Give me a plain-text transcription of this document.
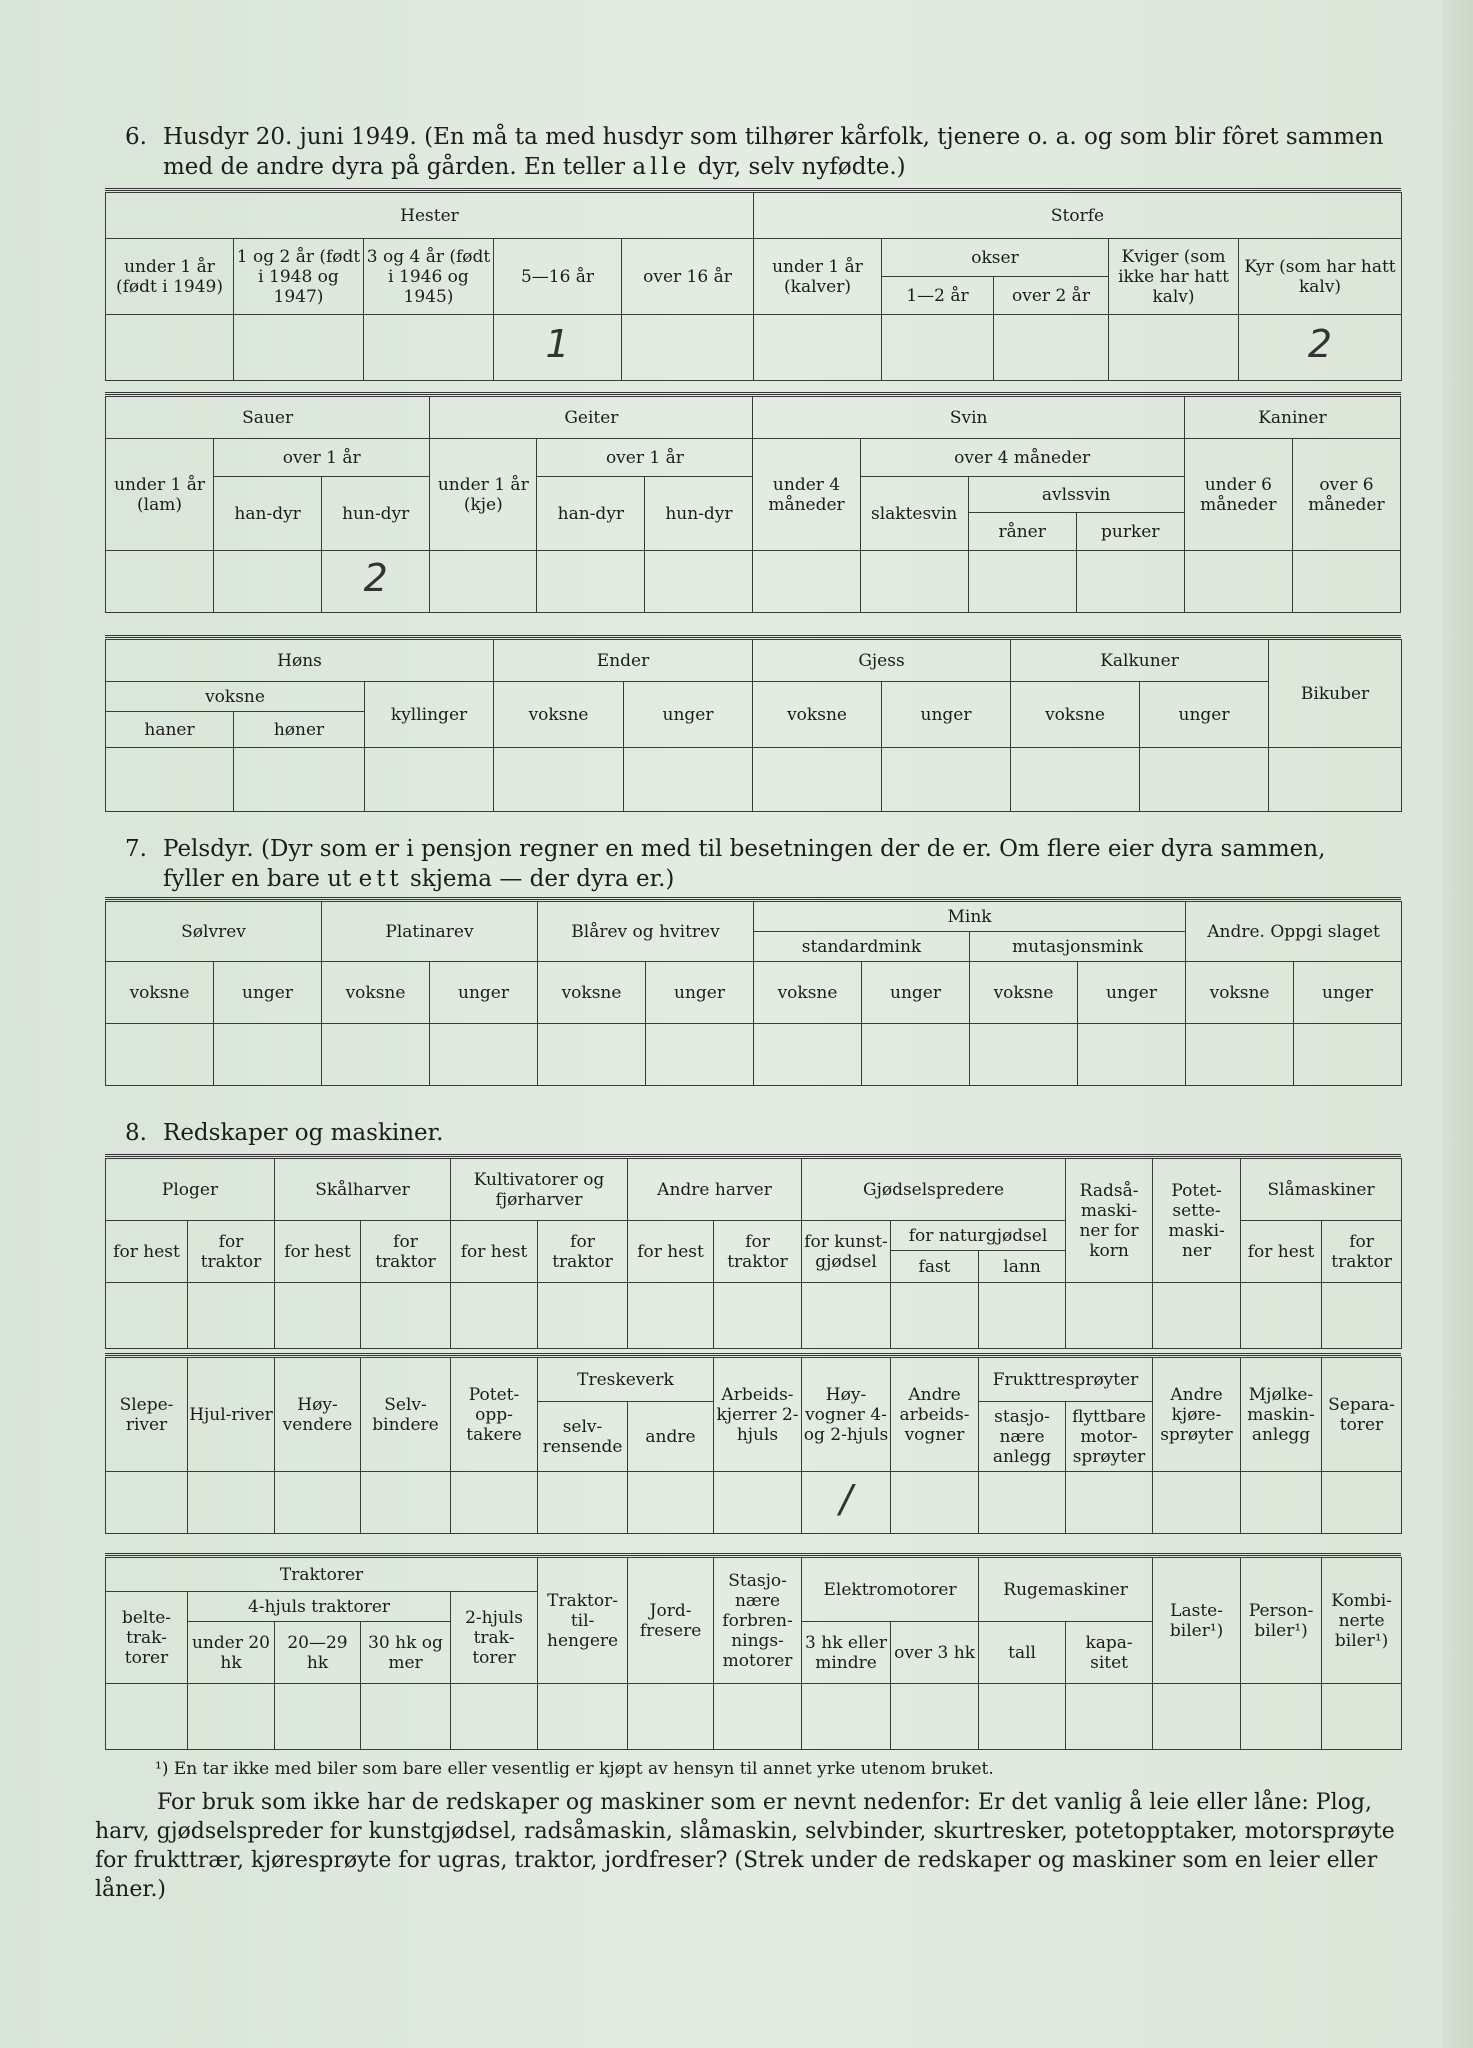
6. Husdyr 20. juni 1949. (En må ta med husdyr som tilhører kårfolk, tjenere o. a. og som blir fôret sammen
med de andre dyra på gården. En teller alle dyr, selv nyfødte.)
Hester					Storfe				
under 1 år (født i 1949)	1 og 2 år (født i 1948 og 1947)	3 og 4 år (født i 1946 og 1945)	5—16 år	over 16 år	under 1 år (kalver)	okser		Kviger (som ikke har hatt kalv)	Kyr (som har hatt kalv)
						1—2 år	over 2 år		
			1						2
Sauer			Geiter			Svin				Kaniner	
under 1 år (lam)	over 1 år		under 1 år (kje)	over 1 år		under 4 måneder	over 4 måneder			under 6 måneder	over 6 måneder
	han-dyr	hun-dyr		han-dyr	hun-dyr		slaktesvin	avlssvin			
								råner	purker		
		2									
Høns			Ender		Gjess		Kalkuner		Bikuber
voksne		kyllinger	voksne	unger	voksne	unger	voksne	unger	
haner	høner								

7. Pelsdyr. (Dyr som er i pensjon regner en med til besetningen der de er. Om flere eier dyra sammen,
fyller en bare ut ett skjema — der dyra er.)
Sølvrev		Platinarev		Blårev og hvitrev		Mink				Andre. Oppgi slaget	
						standardmink		mutasjonsmink			
voksne	unger	voksne	unger	voksne	unger	voksne	unger	voksne	unger	voksne	unger

8. Redskaper og maskiner.
Ploger		Skålharver		Kultivatorer og fjørharver		Andre harver		Gjødselspredere			Radså-maski-ner for korn	Potet-sette-maski-ner	Slåmaskiner	
for hest	for traktor	for hest	for traktor	for hest	for traktor	for hest	for traktor	for kunst-gjødsel	for naturgjødsel				for hest	for traktor
									fast	lann				

Slepe-river	Hjul-river	Høy-vendere	Selv-bindere	Potet-opp-takere	Treskeverk		Arbeids-kjerrer 2-hjuls	Høy-vogner 4- og 2-hjuls	Andre arbeids-vogner	Frukttresprøyter		Andre kjøre-sprøyter	Mjølke-maskin-anlegg	Separa-torer
					selv-rensende	andre				stasjo-nære anlegg	flyttbare motor-sprøyter			
								/						
Traktorer					Traktor-til-hengere	Jord-fresere	Stasjo-nære forbren-nings-motorer	Elektromotorer		Rugemaskiner		Laste-biler¹)	Person-biler¹)	Kombi-nerte biler¹)
belte-trak-torer	4-hjuls traktorer			2-hjuls trak-torer										
	under 20 hk	20—29 hk	30 hk og mer					3 hk eller mindre	over 3 hk	tall	kapa-sitet			

¹) En tar ikke med biler som bare eller vesentlig er kjøpt av hensyn til annet yrke utenom bruket.
For bruk som ikke har de redskaper og maskiner som er nevnt nedenfor: Er det vanlig å leie eller låne: Plog,
harv, gjødselspreder for kunstgjødsel, radsåmaskin, slåmaskin, selvbinder, skurtresker, potetopptaker, motorsprøyte
for frukttrær, kjøresprøyte for ugras, traktor, jordfreser? (Strek under de redskaper og maskiner som en leier eller låner.)
